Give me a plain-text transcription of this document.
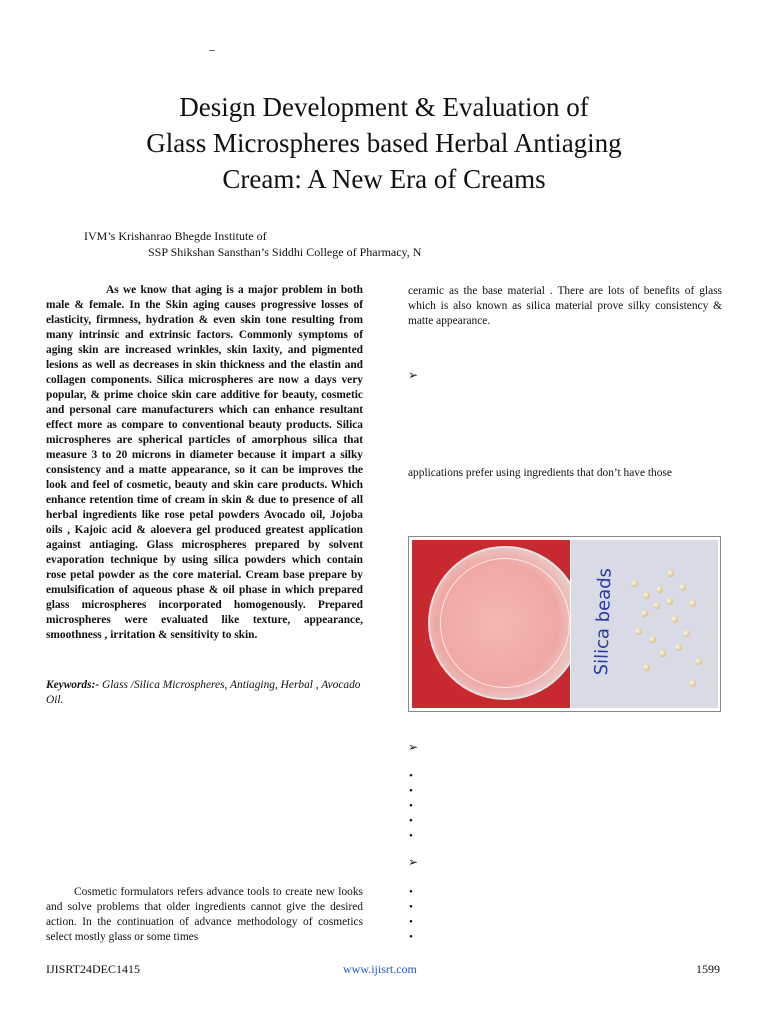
–
Design Development & Evaluation of
Glass Microspheres based Herbal Antiaging
Cream: A New Era of Creams
IVM’s Krishanrao Bhegde Institute of
SSP Shikshan Sansthan’s Siddhi College of Pharmacy, N

As we know that aging is a major problem in both male & female. In the Skin aging causes progressive losses of elasticity, firmness, hydration & even skin tone resulting from many intrinsic and extrinsic factors. Commonly symptoms of aging skin are increased wrinkles, skin laxity, and pigmented lesions as well as decreases in skin thickness and the elastin and collagen components. Silica microspheres are now a days very popular, & prime choice skin care additive for beauty, cosmetic and personal care manufacturers which can enhance resultant effect more as compare to conventional beauty products. Silica microspheres are spherical particles of amorphous silica that measure 3 to 20 microns in diameter because it impart a silky consistency and a matte appearance, so it can be improves the look and feel of cosmetic, beauty and skin care products. Which enhance retention time of cream in skin & due to presence of all herbal ingredients like rose petal powders Avocado oil, Jojoba oils , Kajoic acid & aloevera gel produced greatest application against antiaging. Glass microspheres prepared by solvent evaporation technique by using silica powders which contain rose petal powder as the core material. Cream base prepare by emulsification of aqueous phase & oil phase in which prepared glass microspheres incorporated homogenously. Prepared microspheres were evaluated like texture, appearance, smoothness , irritation & sensitivity to skin.

Keywords:- Glass /Silica Microspheres, Antiaging, Herbal , Avocado Oil.

Cosmetic formulators refers advance tools to create new looks and solve problems that older ingredients cannot give the desired action. In the continuation of advance methodology of cosmetics select mostly glass or some times

ceramic as the base material . There are lots of benefits of glass which is also known as silica material prove silky consistency & matte appearance.

➢

applications prefer using ingredients that don’t have those

Silica beads
➢
•
•
•
•
•
➢
•
•
•
•
IJISRT24DEC1415	www.ijisrt.com	1599
